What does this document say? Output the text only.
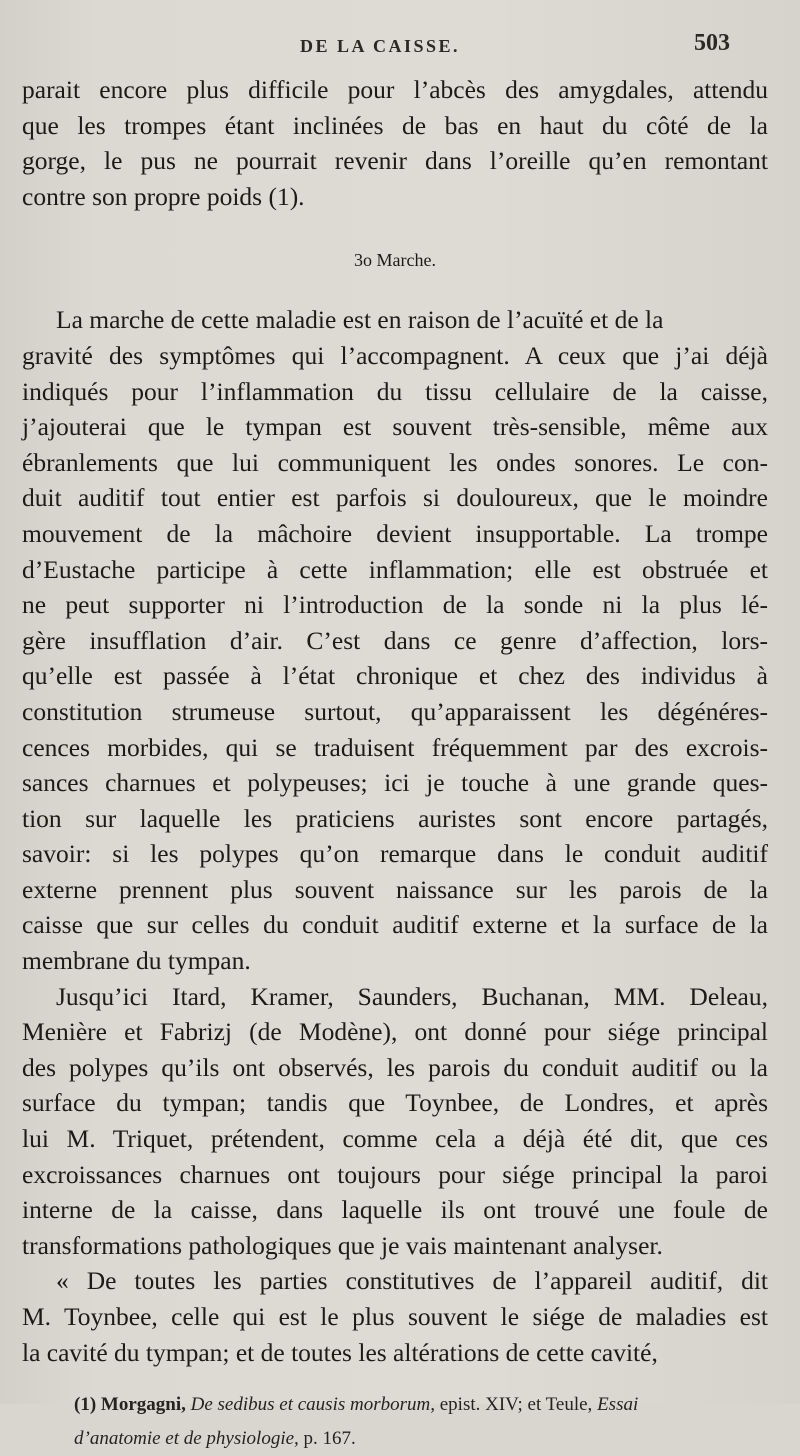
DE LA CAISSE.	503
parait encore plus difficile pour l’abcès des amygdales, attendu
que les trompes étant inclinées de bas en haut du côté de la
gorge, le pus ne pourrait revenir dans l’oreille qu’en remontant
contre son propre poids (1).
3o Marche.
La marche de cette maladie est en raison de l’acuïté et de la
gravité des symptômes qui l’accompagnent. A ceux que j’ai déjà
indiqués pour l’inflammation du tissu cellulaire de la caisse,
j’ajouterai que le tympan est souvent très-sensible, même aux
ébranlements que lui communiquent les ondes sonores. Le con-
duit auditif tout entier est parfois si douloureux, que le moindre
mouvement de la mâchoire devient insupportable. La trompe
d’Eustache participe à cette inflammation; elle est obstruée et
ne peut supporter ni l’introduction de la sonde ni la plus lé-
gère insufflation d’air. C’est dans ce genre d’affection, lors-
qu’elle est passée à l’état chronique et chez des individus à
constitution strumeuse surtout, qu’apparaissent les dégénéres-
cences morbides, qui se traduisent fréquemment par des excrois-
sances charnues et polypeuses; ici je touche à une grande ques-
tion sur laquelle les praticiens auristes sont encore partagés,
savoir: si les polypes qu’on remarque dans le conduit auditif
externe prennent plus souvent naissance sur les parois de la
caisse que sur celles du conduit auditif externe et la surface de la
membrane du tympan.
Jusqu’ici Itard, Kramer, Saunders, Buchanan, MM. Deleau,
Menière et Fabrizj (de Modène), ont donné pour siége principal
des polypes qu’ils ont observés, les parois du conduit auditif ou la
surface du tympan; tandis que Toynbee, de Londres, et après
lui M. Triquet, prétendent, comme cela a déjà été dit, que ces
excroissances charnues ont toujours pour siége principal la paroi
interne de la caisse, dans laquelle ils ont trouvé une foule de
transformations pathologiques que je vais maintenant analyser.
« De toutes les parties constitutives de l’appareil auditif, dit
M. Toynbee, celle qui est le plus souvent le siége de maladies est
la cavité du tympan; et de toutes les altérations de cette cavité,

(1) Morgagni, De sedibus et causis morborum, epist. XIV; et Teule, Essai
d’anatomie et de physiologie, p. 167.
